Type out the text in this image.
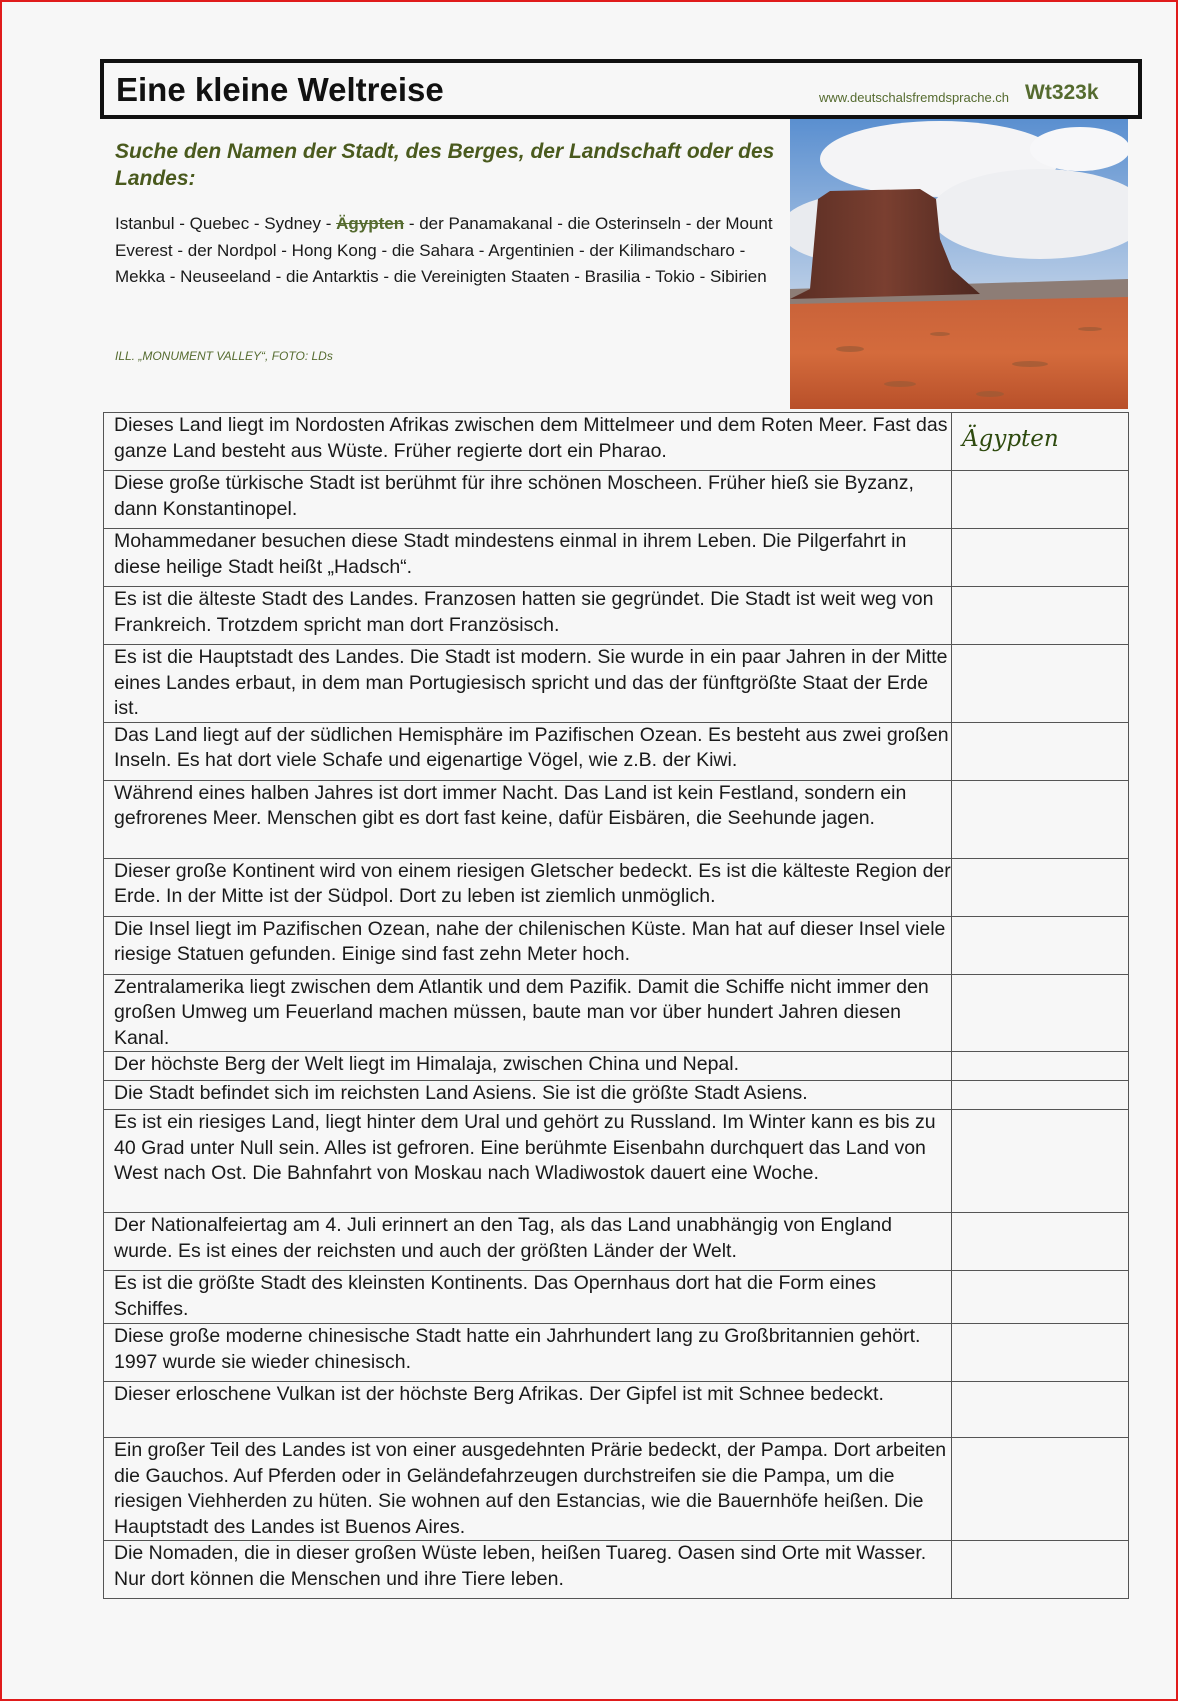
Eine kleine Weltreise	www.deutschalsfremdsprache.ch Wt323k
Suche den Namen der Stadt, des Berges, der Landschaft oder des Landes:
Istanbul - Quebec - Sydney - Ägypten - der Panamakanal - die Osterinseln - der Mount Everest - der Nordpol - Hong Kong - die Sahara - Argentinien - der Kilimandscharo - Mekka - Neuseeland - die Antarktis - die Vereinigten Staaten - Brasilia - Tokio - Sibirien
ILL. „MONUMENT VALLEY“, FOTO: LDs
Dieses Land liegt im Nordosten Afrikas zwischen dem Mittelmeer und dem Roten Meer. Fast das ganze Land besteht aus Wüste. Früher regierte dort ein Pharao.	Ägypten

Diese große türkische Stadt ist berühmt für ihre schönen Moscheen. Früher hieß sie Byzanz, dann Konstantinopel.	

Mohammedaner besuchen diese Stadt mindestens einmal in ihrem Leben. Die Pilgerfahrt in diese heilige Stadt heißt „Hadsch“.	

Es ist die älteste Stadt des Landes. Franzosen hatten sie gegründet. Die Stadt ist weit weg von Frankreich. Trotzdem spricht man dort Französisch.	

Es ist die Hauptstadt des Landes. Die Stadt ist modern. Sie wurde in ein paar Jahren in der Mitte eines Landes erbaut, in dem man Portugiesisch spricht und das der fünftgrößte Staat der Erde ist.	

Das Land liegt auf der südlichen Hemisphäre im Pazifischen Ozean. Es besteht aus zwei großen Inseln. Es hat dort viele Schafe und eigenartige Vögel, wie z.B. der Kiwi.	

Während eines halben Jahres ist dort immer Nacht. Das Land ist kein Festland, sondern ein gefrorenes Meer. Menschen gibt es dort fast keine, dafür Eisbären, die Seehunde jagen.	

Dieser große Kontinent wird von einem riesigen Gletscher bedeckt. Es ist die kälteste Region der Erde. In der Mitte ist der Südpol. Dort zu leben ist ziemlich unmöglich.	

Die Insel liegt im Pazifischen Ozean, nahe der chilenischen Küste. Man hat auf dieser Insel viele riesige Statuen gefunden. Einige sind fast zehn Meter hoch.	

Zentralamerika liegt zwischen dem Atlantik und dem Pazifik. Damit die Schiffe nicht immer den großen Umweg um Feuerland machen müssen, baute man vor über hundert Jahren diesen Kanal.	

Der höchste Berg der Welt liegt im Himalaja, zwischen China und Nepal.	

Die Stadt befindet sich im reichsten Land Asiens. Sie ist die größte Stadt Asiens.	

Es ist ein riesiges Land, liegt hinter dem Ural und gehört zu Russland. Im Winter kann es bis zu 40 Grad unter Null sein. Alles ist gefroren. Eine berühmte Eisenbahn durchquert das Land von West nach Ost. Die Bahnfahrt von Moskau nach Wladiwostok dauert eine Woche.	

Der Nationalfeiertag am 4. Juli erinnert an den Tag, als das Land unabhängig von England wurde. Es ist eines der reichsten und auch der größten Länder der Welt.	

Es ist die größte Stadt des kleinsten Kontinents. Das Opernhaus dort hat die Form eines Schiffes.	

Diese große moderne chinesische Stadt hatte ein Jahrhundert lang zu Großbritannien gehört. 1997 wurde sie wieder chinesisch.	

Dieser erloschene Vulkan ist der höchste Berg Afrikas. Der Gipfel ist mit Schnee bedeckt.	

Ein großer Teil des Landes ist von einer ausgedehnten Prärie bedeckt, der Pampa. Dort arbeiten die Gauchos. Auf Pferden oder in Geländefahrzeugen durchstreifen sie die Pampa, um die riesigen Viehherden zu hüten. Sie wohnen auf den Estancias, wie die Bauernhöfe heißen. Die Hauptstadt des Landes ist Buenos Aires.	

Die Nomaden, die in dieser großen Wüste leben, heißen Tuareg. Oasen sind Orte mit Wasser. Nur dort können die Menschen und ihre Tiere leben.	
